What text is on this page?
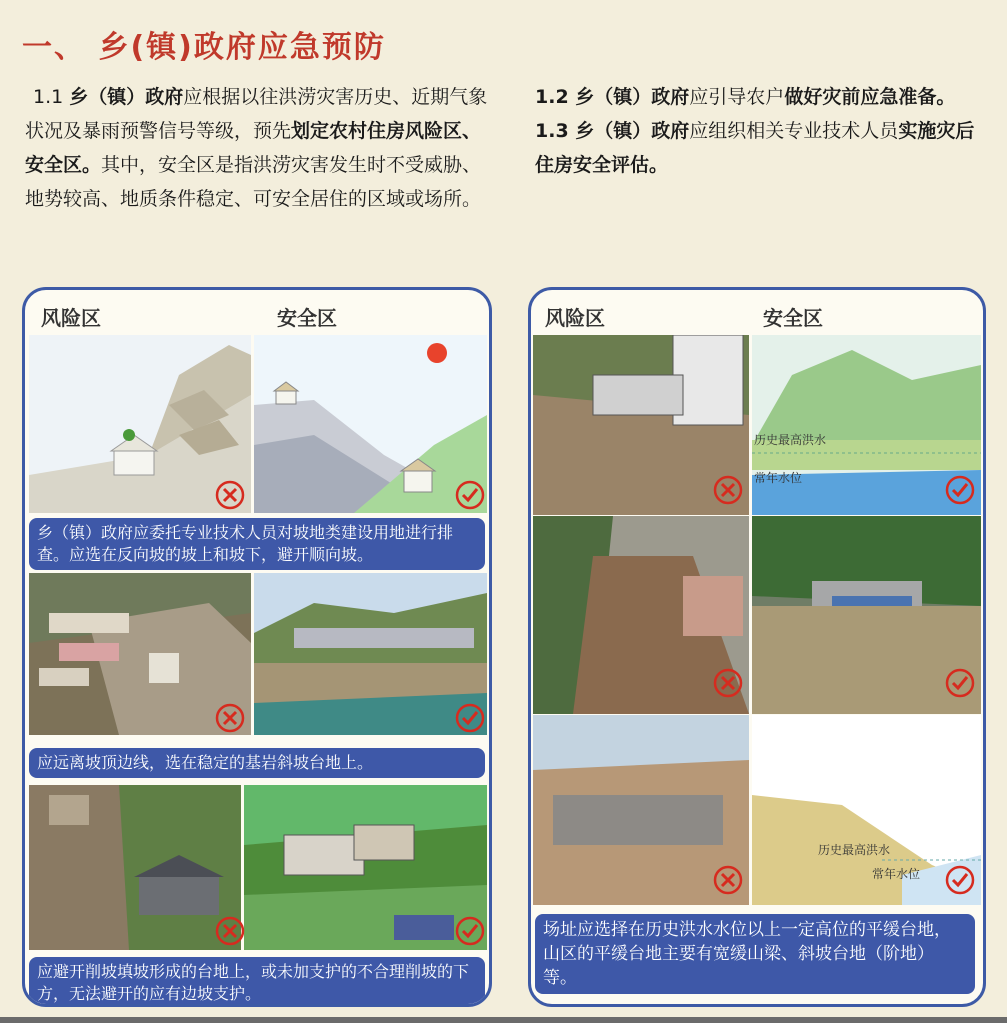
一、 乡(镇)政府应急预防
1.1 乡（镇）政府应根据以往洪涝灾害历史、近期气象状况及暴雨预警信号等级，预先划定农村住房风险区、安全区。其中，安全区是指洪涝灾害发生时不受威胁、地势较高、地质条件稳定、可安全居住的区域或场所。
1.2 乡（镇）政府应引导农户做好灾前应急准备。
1.3 乡（镇）政府应组织相关专业技术人员实施灾后住房安全评估。
风险区	安全区
乡（镇）政府应委托专业技术人员对坡地类建设用地进行排查。应选在反向坡的坡上和坡下，避开顺向坡。
应远离坡顶边线，选在稳定的基岩斜坡台地上。
应避开削坡填坡形成的台地上，或未加支护的不合理削坡的下方，无法避开的应有边坡支护。
风险区	安全区
历史最高洪水
常年水位
历史最高洪水
常年水位
场址应选择在历史洪水水位以上一定高位的平缓台地，山区的平缓台地主要有宽缓山梁、斜坡台地（阶地）等。
